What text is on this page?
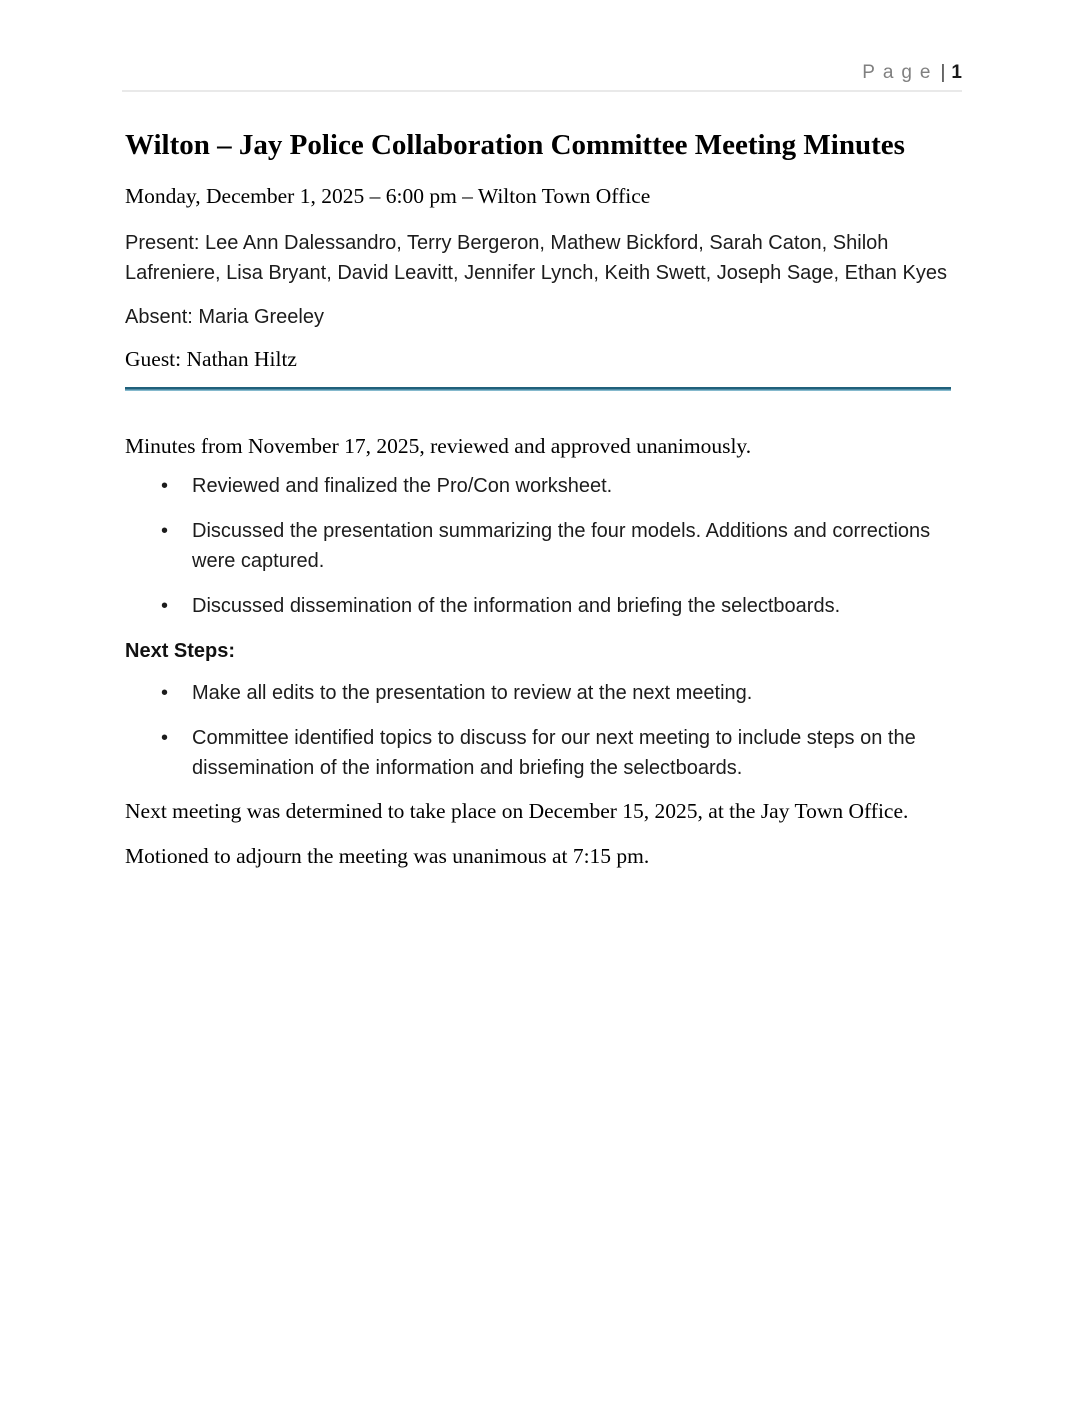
Page | 1
Wilton – Jay Police Collaboration Committee Meeting Minutes

Monday, December 1, 2025 – 6:00 pm – Wilton Town Office

Present: Lee Ann Dalessandro, Terry Bergeron, Mathew Bickford, Sarah Caton, Shiloh Lafreniere, Lisa Bryant, David Leavitt, Jennifer Lynch, Keith Swett, Joseph Sage, Ethan Kyes

Absent: Maria Greeley

Guest: Nathan Hiltz

Minutes from November 17, 2025, reviewed and approved unanimously.

• Reviewed and finalized the Pro/Con worksheet.
• Discussed the presentation summarizing the four models. Additions and corrections were captured.
• Discussed dissemination of the information and briefing the selectboards.

Next Steps:

• Make all edits to the presentation to review at the next meeting.
• Committee identified topics to discuss for our next meeting to include steps on the dissemination of the information and briefing the selectboards.

Next meeting was determined to take place on December 15, 2025, at the Jay Town Office.

Motioned to adjourn the meeting was unanimous at 7:15 pm.
